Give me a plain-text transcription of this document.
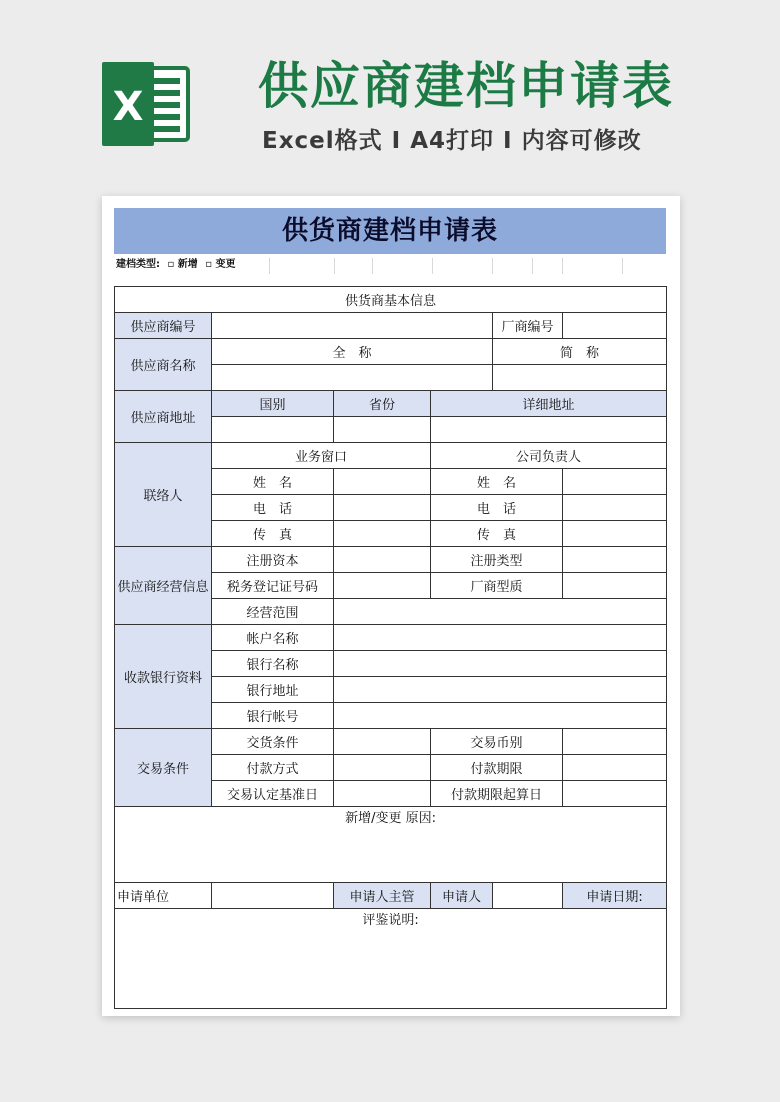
X 供应商建档申请表
Excel格式 I A4打印 I 内容可修改
供货商建档申请表
建档类型: ▫ 新增 ▫ 变更
供货商基本信息					
供应商编号				厂商编号	
供应商名称	全　称			简　称	

供应商地址	国别	省份	详细地址		

联络人	业务窗口		公司负责人		
	姓　名		姓　名		
	电　话		电　话		
	传　真		传　真		
供应商经营信息	注册资本		注册类型		
	税务登记证号码		厂商型质		
	经营范围				
收款银行资料	帐户名称				
	银行名称				
	银行地址				
	银行帐号				
交易条件	交货条件		交易币别		
	付款方式		付款期限		
	交易认定基准日		付款期限起算日		
新增/变更 原因:					
申请单位		申请人主管	申请人		申请日期:
评鉴说明:					
